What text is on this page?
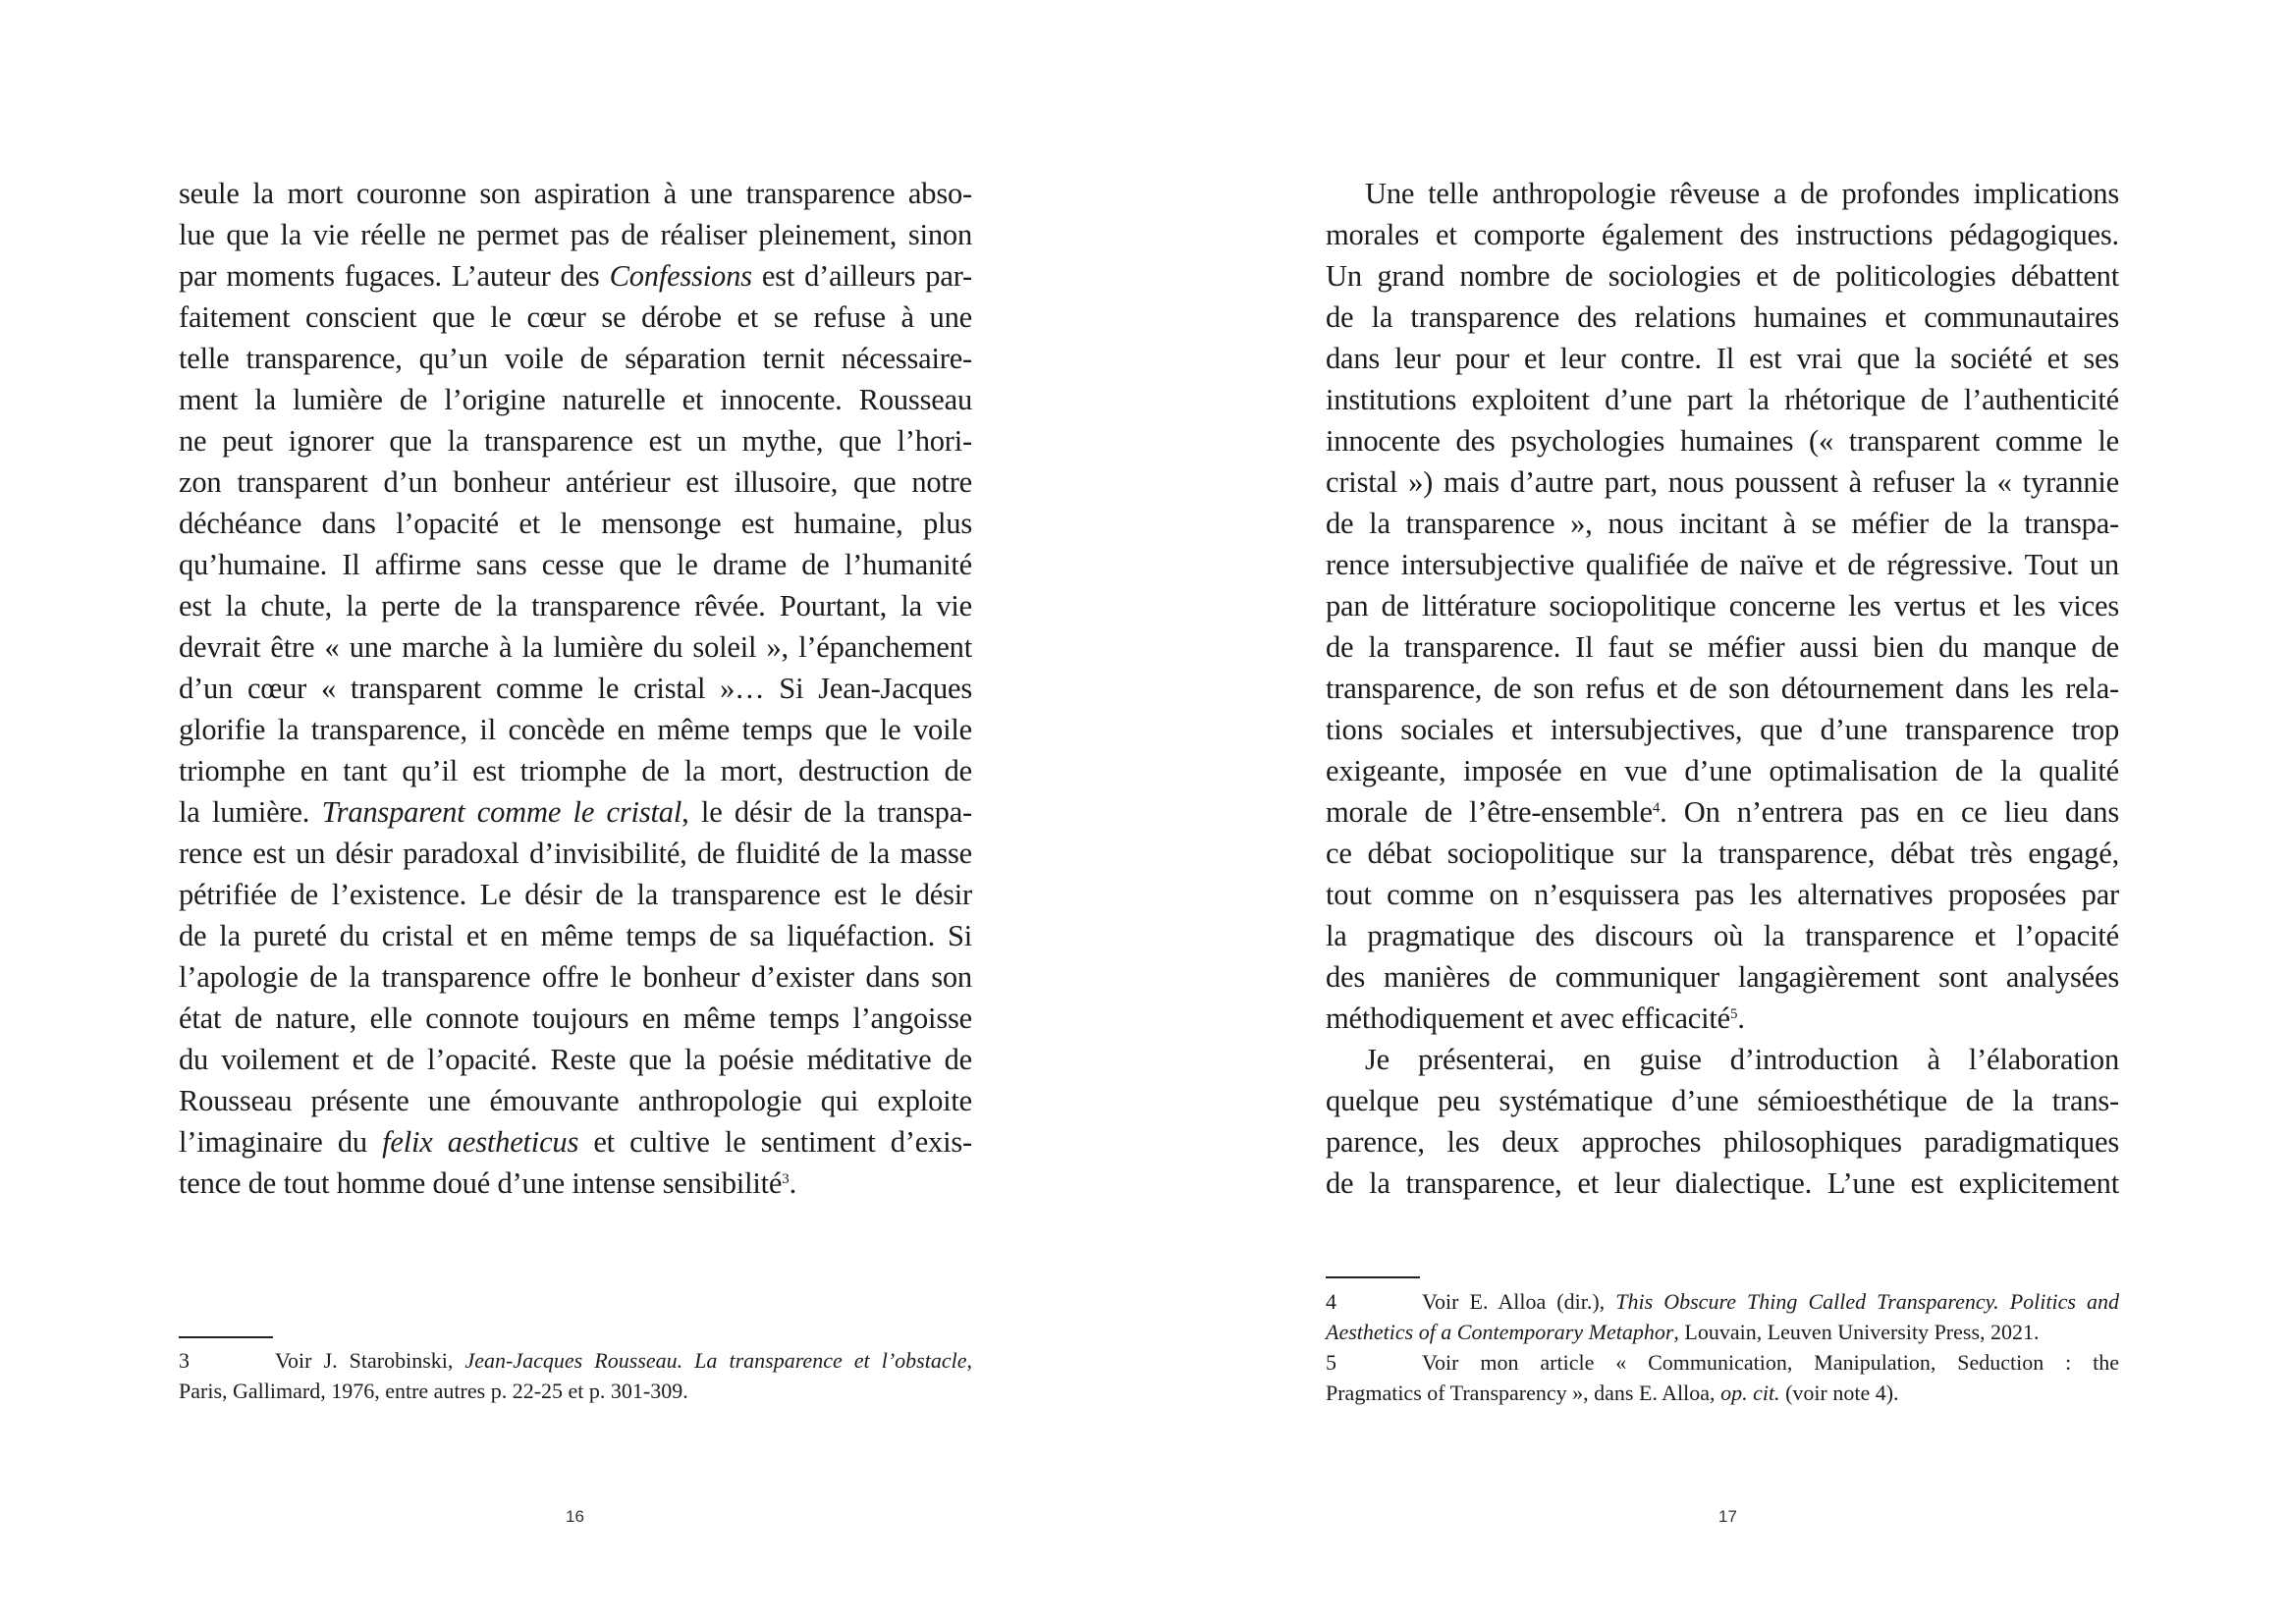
seule la mort couronne son aspiration à une transparence abso-
lue que la vie réelle ne permet pas de réaliser pleinement, sinon
par moments fugaces. L’auteur des Confessions est d’ailleurs par-
faitement conscient que le cœur se dérobe et se refuse à une
telle transparence, qu’un voile de séparation ternit nécessaire-
ment la lumière de l’origine naturelle et innocente. Rousseau
ne peut ignorer que la transparence est un mythe, que l’hori-
zon transparent d’un bonheur antérieur est illusoire, que notre
déchéance dans l’opacité et le mensonge est humaine, plus
qu’humaine. Il affirme sans cesse que le drame de l’humanité
est la chute, la perte de la transparence rêvée. Pourtant, la vie
devrait être « une marche à la lumière du soleil », l’épanchement
d’un cœur « transparent comme le cristal »… Si Jean-Jacques
glorifie la transparence, il concède en même temps que le voile
triomphe en tant qu’il est triomphe de la mort, destruction de
la lumière. Transparent comme le cristal, le désir de la transpa-
rence est un désir paradoxal d’invisibilité, de fluidité de la masse
pétrifiée de l’existence. Le désir de la transparence est le désir
de la pureté du cristal et en même temps de sa liquéfaction. Si
l’apologie de la transparence offre le bonheur d’exister dans son
état de nature, elle connote toujours en même temps l’angoisse
du voilement et de l’opacité. Reste que la poésie méditative de
Rousseau présente une émouvante anthropologie qui exploite
l’imaginaire du felix aestheticus et cultive le sentiment d’exis-
tence de tout homme doué d’une intense sensibilité$^3$.
3	Voir J. Starobinski, Jean-Jacques Rousseau. La transparence et l’obstacle,
Paris, Gallimard, 1976, entre autres p. 22-25 et p. 301-309.
16
Une telle anthropologie rêveuse a de profondes implications
morales et comporte également des instructions pédagogiques.
Un grand nombre de sociologies et de politicologies débattent
de la transparence des relations humaines et communautaires
dans leur pour et leur contre. Il est vrai que la société et ses
institutions exploitent d’une part la rhétorique de l’authenticité
innocente des psychologies humaines (« transparent comme le
cristal ») mais d’autre part, nous poussent à refuser la « tyrannie
de la transparence », nous incitant à se méfier de la transpa-
rence intersubjective qualifiée de naïve et de régressive. Tout un
pan de littérature sociopolitique concerne les vertus et les vices
de la transparence. Il faut se méfier aussi bien du manque de
transparence, de son refus et de son détournement dans les rela-
tions sociales et intersubjectives, que d’une transparence trop
exigeante, imposée en vue d’une optimalisation de la qualité
morale de l’être-ensemble$^4$. On n’entrera pas en ce lieu dans
ce débat sociopolitique sur la transparence, débat très engagé,
tout comme on n’esquissera pas les alternatives proposées par
la pragmatique des discours où la transparence et l’opacité
des manières de communiquer langagièrement sont analysées
méthodiquement et avec efficacité$^5$.
Je présenterai, en guise d’introduction à l’élaboration
quelque peu systématique d’une sémioesthétique de la trans-
parence, les deux approches philosophiques paradigmatiques
de la transparence, et leur dialectique. L’une est explicitement
4	Voir E. Alloa (dir.), This Obscure Thing Called Transparency. Politics and
Aesthetics of a Contemporary Metaphor, Louvain, Leuven University Press, 2021.
5	Voir mon article « Communication, Manipulation, Seduction : the
Pragmatics of Transparency », dans E. Alloa, op. cit. (voir note 4).
17
